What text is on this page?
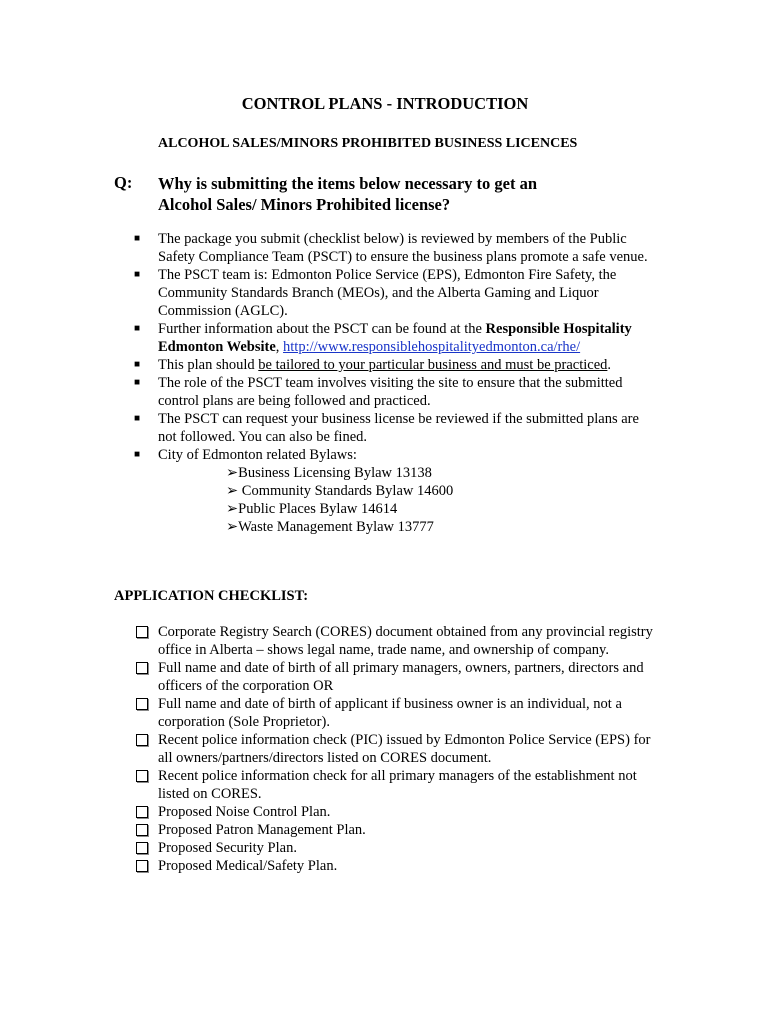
CONTROL PLANS - INTRODUCTION
ALCOHOL SALES/MINORS PROHIBITED BUSINESS LICENCES
Q: Why is submitting the items below necessary to get an
Alcohol Sales/ Minors Prohibited license?
■ The package you submit (checklist below) is reviewed by members of the Public Safety Compliance Team (PSCT) to ensure the business plans promote a safe venue.
■ The PSCT team is: Edmonton Police Service (EPS), Edmonton Fire Safety, the Community Standards Branch (MEOs), and the Alberta Gaming and Liquor Commission (AGLC).
■ Further information about the PSCT can be found at the Responsible Hospitality Edmonton Website, http://www.responsiblehospitalityedmonton.ca/rhe/
■ This plan should be tailored to your particular business and must be practiced.
■ The role of the PSCT team involves visiting the site to ensure that the submitted control plans are being followed and practiced.
■ The PSCT can request your business license be reviewed if the submitted plans are not followed. You can also be fined.
■ City of Edmonton related Bylaws:
➢Business Licensing Bylaw 13138
➢ Community Standards Bylaw 14600
➢Public Places Bylaw 14614
➢Waste Management Bylaw 13777
APPLICATION CHECKLIST:
Corporate Registry Search (CORES) document obtained from any provincial registry office in Alberta – shows legal name, trade name, and ownership of company.
Full name and date of birth of all primary managers, owners, partners, directors and officers of the corporation OR
Full name and date of birth of applicant if business owner is an individual, not a corporation (Sole Proprietor).
Recent police information check (PIC) issued by Edmonton Police Service (EPS) for all owners/partners/directors listed on CORES document.
Recent police information check for all primary managers of the establishment not listed on CORES.
Proposed Noise Control Plan.
Proposed Patron Management Plan.
Proposed Security Plan.
Proposed Medical/Safety Plan.
